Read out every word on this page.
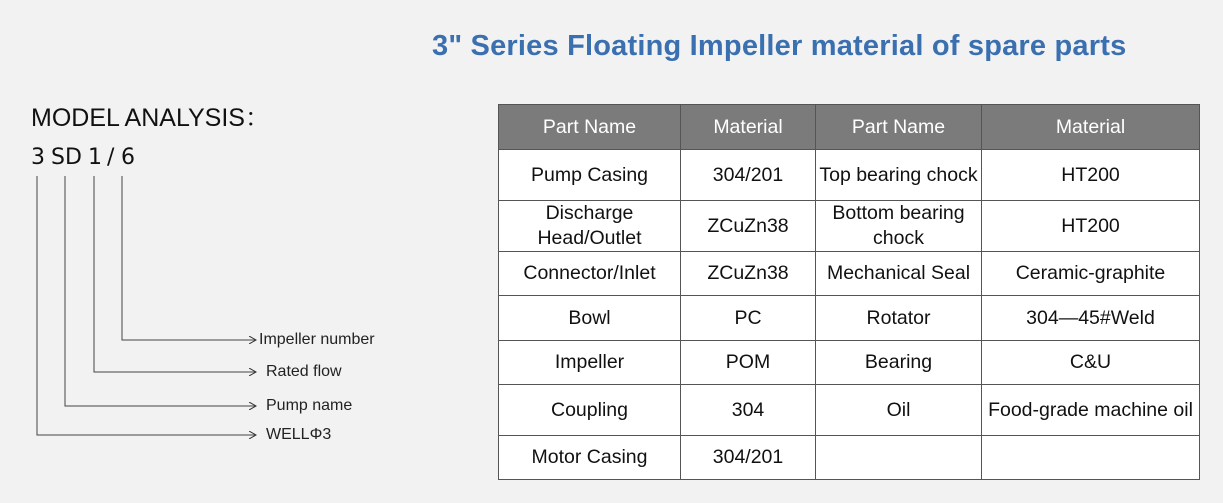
3" Series Floating Impeller material of spare parts
MODEL ANALYSIS：
3 SD 1 / 6
Impeller number
Rated flow
Pump name
WELLΦ3
Part Name	Material	Part Name	Material
Pump Casing	304/201	Top bearing chock	HT200
Discharge Head/Outlet	ZCuZn38	Bottom bearing chock	HT200
Connector/Inlet	ZCuZn38	Mechanical Seal	Ceramic-graphite
Bowl	PC	Rotator	304—45#Weld
Impeller	POM	Bearing	C&U
Coupling	304	Oil	Food-grade machine oil
Motor Casing	304/201		
